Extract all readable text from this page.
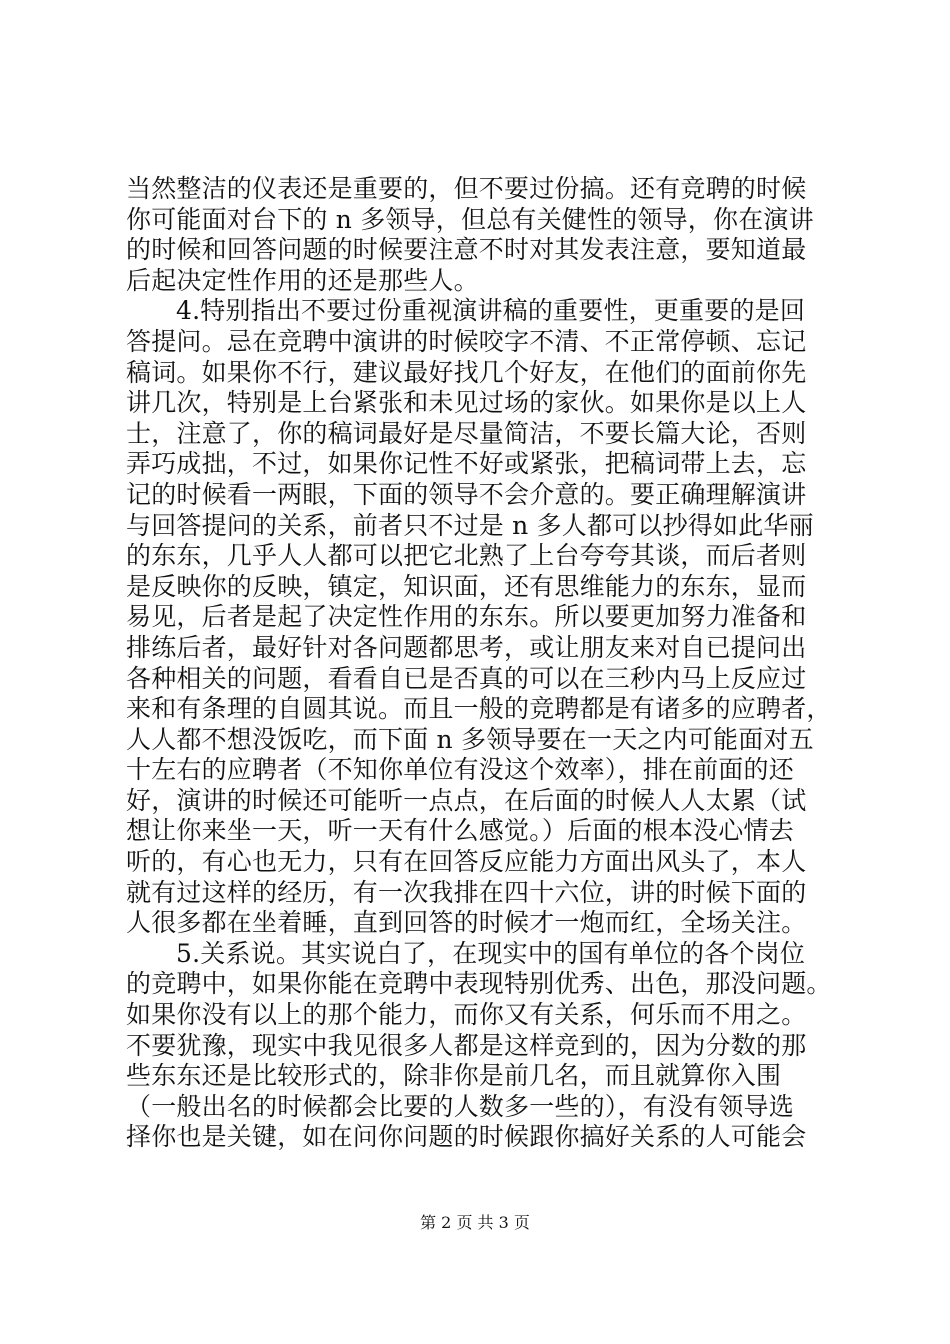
当然整洁的仪表还是重要的，但不要过份搞。还有竞聘的时候
你可能面对台下的 n 多领导，但总有关健性的领导，你在演讲
的时候和回答问题的时候要注意不时对其发表注意，要知道最
后起决定性作用的还是那些人。
4.特别指出不要过份重视演讲稿的重要性，更重要的是回
答提问。忌在竞聘中演讲的时候咬字不清、不正常停顿、忘记
稿词。如果你不行，建议最好找几个好友，在他们的面前你先
讲几次，特别是上台紧张和未见过场的家伙。如果你是以上人
士，注意了，你的稿词最好是尽量简洁，不要长篇大论，否则
弄巧成拙，不过，如果你记性不好或紧张，把稿词带上去，忘
记的时候看一两眼，下面的领导不会介意的。要正确理解演讲
与回答提问的关系，前者只不过是 n 多人都可以抄得如此华丽
的东东，几乎人人都可以把它北熟了上台夸夸其谈，而后者则
是反映你的反映，镇定，知识面，还有思维能力的东东，显而
易见，后者是起了决定性作用的东东。所以要更加努力准备和
排练后者，最好针对各问题都思考，或让朋友来对自已提问出
各种相关的问题，看看自已是否真的可以在三秒内马上反应过
来和有条理的自圆其说。而且一般的竞聘都是有诸多的应聘者，
人人都不想没饭吃，而下面 n 多领导要在一天之内可能面对五
十左右的应聘者（不知你单位有没这个效率），排在前面的还
好，演讲的时候还可能听一点点，在后面的时候人人太累（试
想让你来坐一天，听一天有什么感觉。）后面的根本没心情去
听的，有心也无力，只有在回答反应能力方面出风头了，本人
就有过这样的经历，有一次我排在四十六位，讲的时候下面的
人很多都在坐着睡，直到回答的时候才一炮而红，全场关注。
5.关系说。其实说白了，在现实中的国有单位的各个岗位
的竞聘中，如果你能在竞聘中表现特别优秀、出色，那没问题。
如果你没有以上的那个能力，而你又有关系，何乐而不用之。
不要犹豫，现实中我见很多人都是这样竞到的，因为分数的那
些东东还是比较形式的，除非你是前几名，而且就算你入围
（一般出名的时候都会比要的人数多一些的），有没有领导选
择你也是关键，如在问你问题的时候跟你搞好关系的人可能会
第 2 页 共 3 页
